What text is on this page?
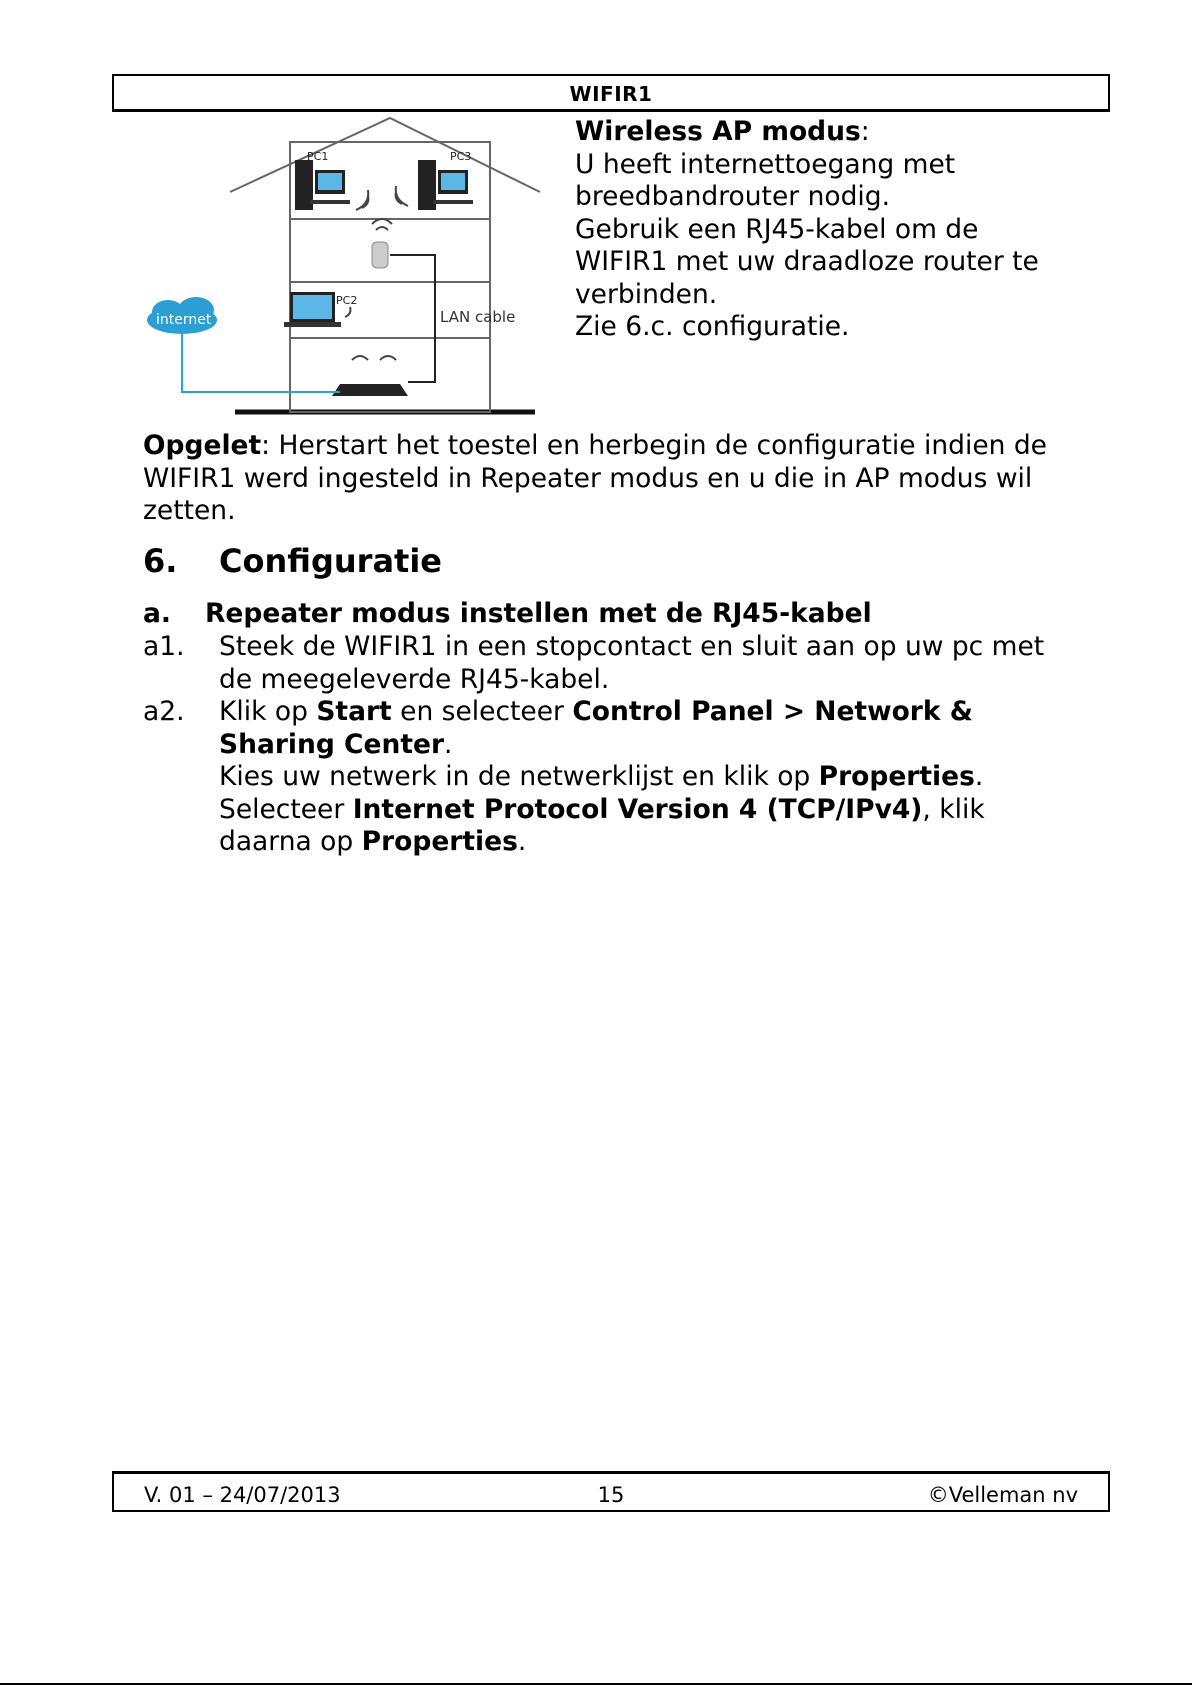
WIFIR1
PC1	PC3
PC2
LAN cable
internet
Wireless AP modus:
U heeft internettoegang met
breedbandrouter nodig.
Gebruik een RJ45-kabel om de
WIFIR1 met uw draadloze router te
verbinden.
Zie 6.c. configuratie.
Opgelet: Herstart het toestel en herbegin de configuratie indien de
WIFIR1 werd ingesteld in Repeater modus en u die in AP modus wil
zetten.
6. Configuratie
a. Repeater modus instellen met de RJ45-kabel
a1. Steek de WIFIR1 in een stopcontact en sluit aan op uw pc met
de meegeleverde RJ45-kabel.
a2. Klik op Start en selecteer Control Panel > Network &
Sharing Center.
Kies uw netwerk in de netwerklijst en klik op Properties.
Selecteer Internet Protocol Version 4 (TCP/IPv4), klik
daarna op Properties.
V. 01 – 24/07/2013	15	©Velleman nv
